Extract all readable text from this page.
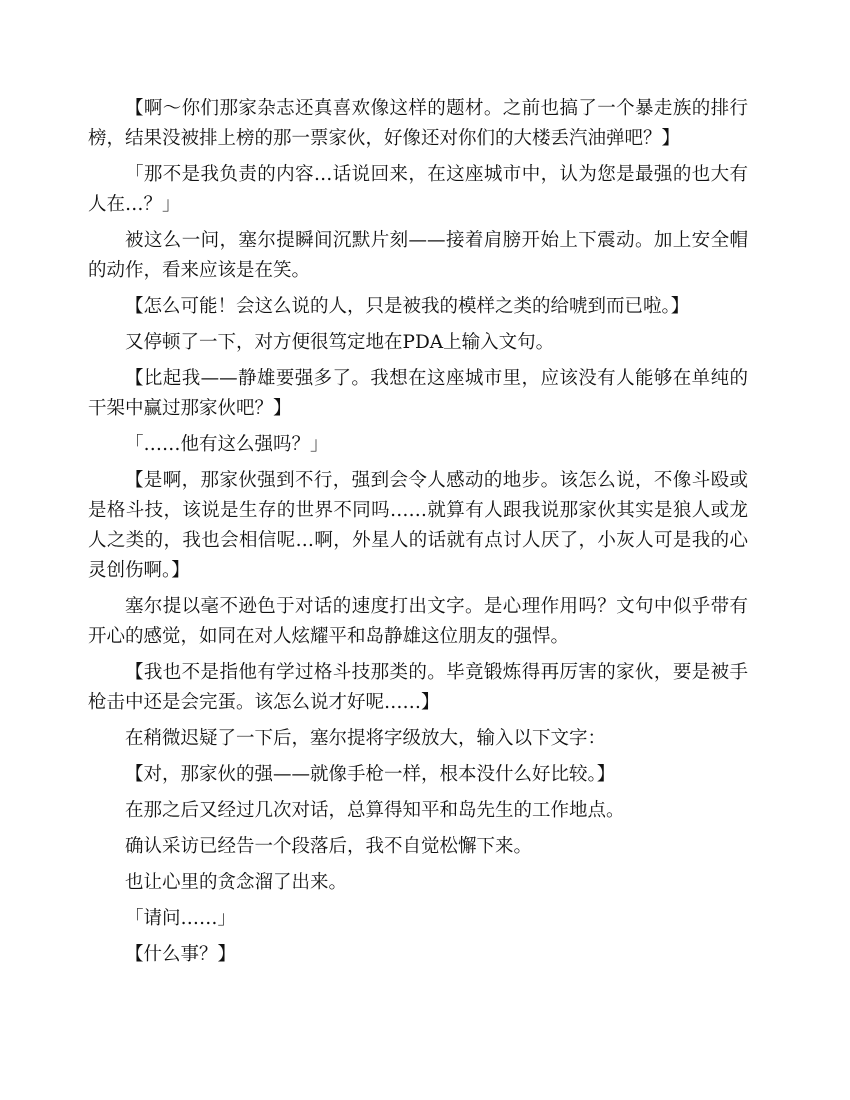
【啊～你们那家杂志还真喜欢像这样的题材。之前也搞了一个暴走族的排行榜，结果没被排上榜的那一票家伙，好像还对你们的大楼丢汽油弹吧？】

「那不是我负责的内容…话说回来，在这座城市中，认为您是最强的也大有人在…？」

被这么一问，塞尔提瞬间沉默片刻——接着肩膀开始上下震动。加上安全帽的动作，看来应该是在笑。

【怎么可能！会这么说的人，只是被我的模样之类的给唬到而已啦。】

又停顿了一下，对方便很笃定地在PDA上输入文句。

【比起我——静雄要强多了。我想在这座城市里，应该没有人能够在单纯的干架中赢过那家伙吧？】

「……他有这么强吗？」

【是啊，那家伙强到不行，强到会令人感动的地步。该怎么说，不像斗殴或是格斗技，该说是生存的世界不同吗……就算有人跟我说那家伙其实是狼人或龙人之类的，我也会相信呢…啊，外星人的话就有点讨人厌了，小灰人可是我的心灵创伤啊。】

塞尔提以毫不逊色于对话的速度打出文字。是心理作用吗？文句中似乎带有开心的感觉，如同在对人炫耀平和岛静雄这位朋友的强悍。

【我也不是指他有学过格斗技那类的。毕竟锻炼得再厉害的家伙，要是被手枪击中还是会完蛋。该怎么说才好呢……】

在稍微迟疑了一下后，塞尔提将字级放大，输入以下文字：

【对，那家伙的强——就像手枪一样，根本没什么好比较。】

在那之后又经过几次对话，总算得知平和岛先生的工作地点。

确认采访已经告一个段落后，我不自觉松懈下来。

也让心里的贪念溜了出来。

「请问……」

【什么事？】
